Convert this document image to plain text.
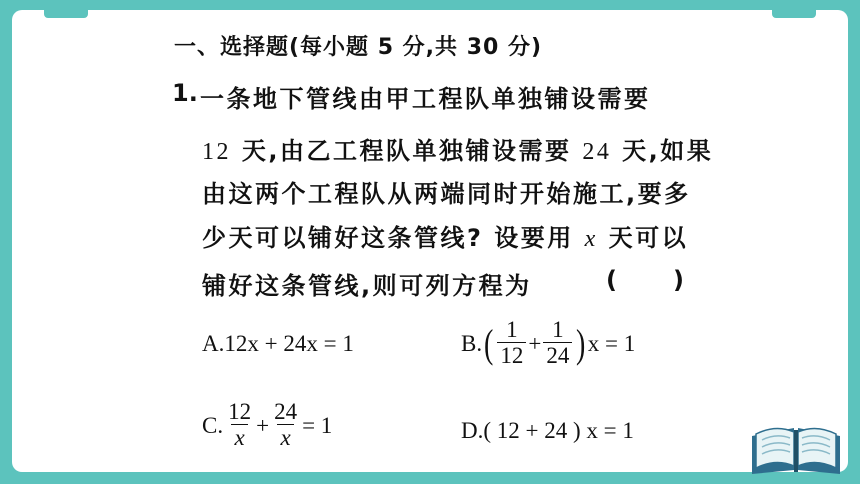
一、选择题(每小题 5 分,共 30 分)
1. 一条地下管线由甲工程队单独铺设需要
12 天,由乙工程队单独铺设需要 24 天,如果
由这两个工程队从两端同时开始施工,要多
少天可以铺好这条管线? 设要用 x 天可以
铺好这条管线,则可列方程为	( )
A. 12x + 24x = 1	B. ( $\frac{1}{12} + \frac{1}{24}$ ) x = 1
C. $\frac{12}{x} + \frac{24}{x} = 1$	D. ( 12 + 24 ) x = 1
